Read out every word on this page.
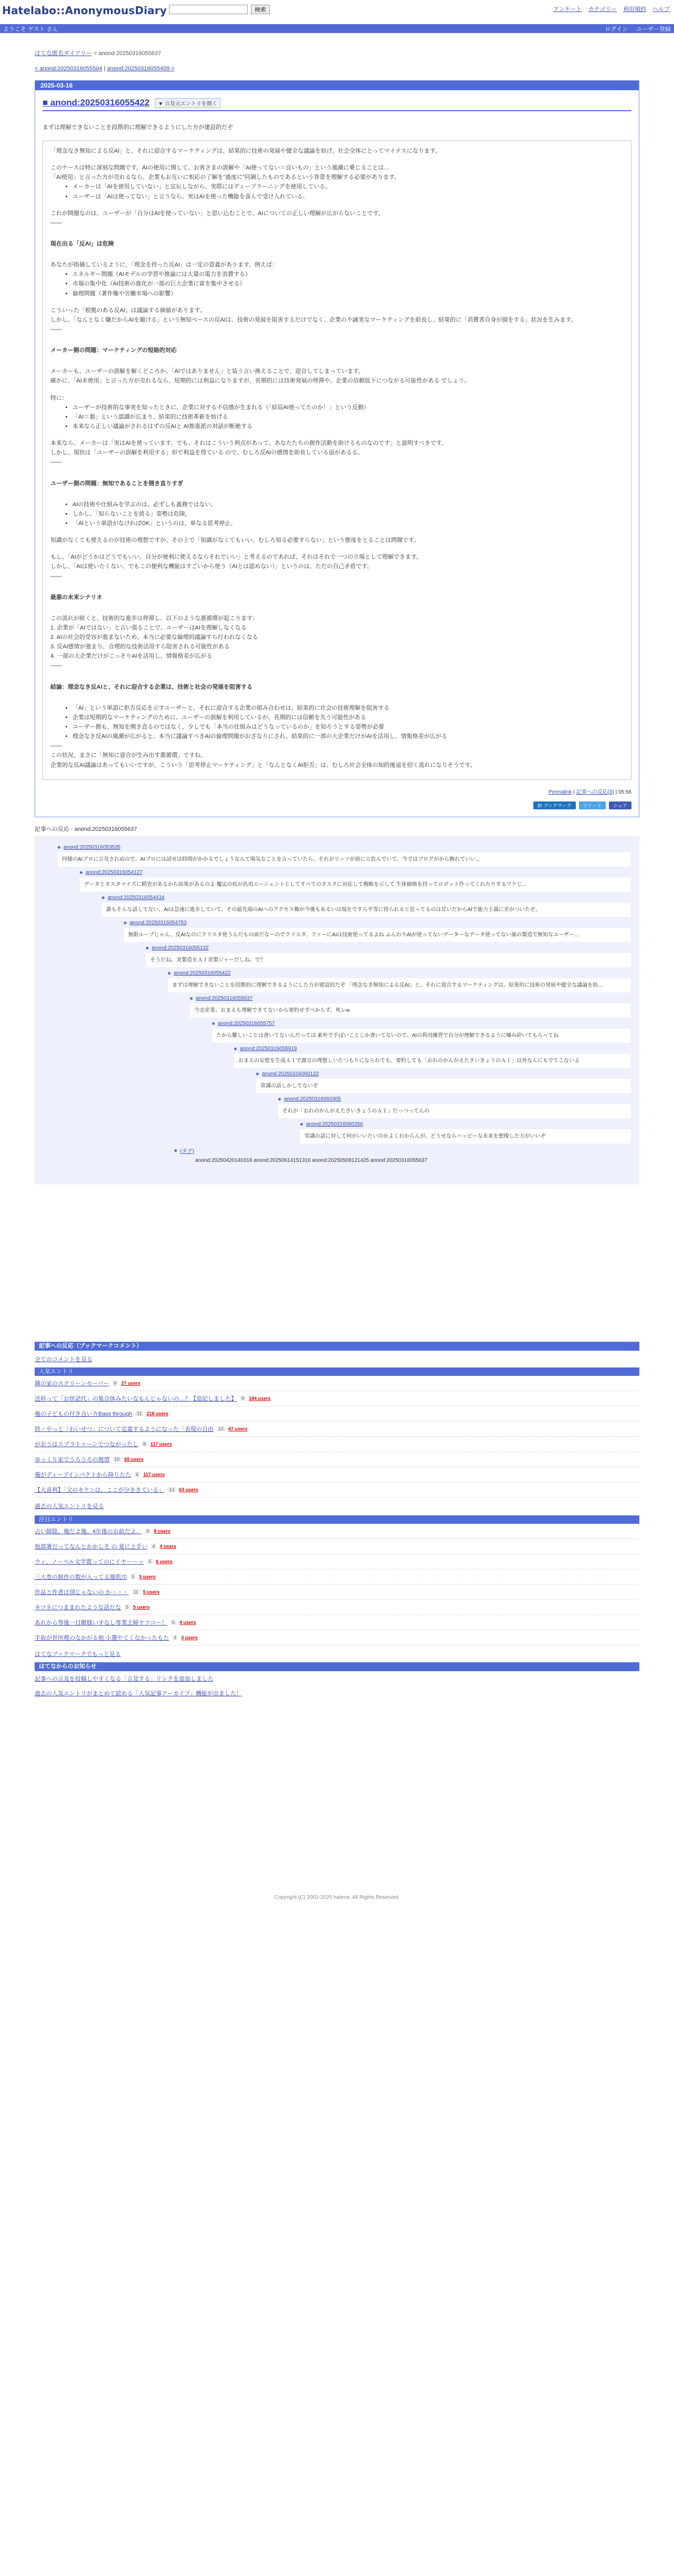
Hatelabo::AnonymousDiary	検索	アンケート カテゴリー 利用規約 ヘルプ
ようこそ ゲスト さん	ログイン ユーザー登録
はてな匿名ダイアリー > anond:20250316055637
< anond:20250316055504 | anond:20250316055409 >
2025-03-16
■ anond:20250316055422	▼ 言及元エントリを開く

まずは理解できないことを段階的に理解できるようにした方が建設的だぞ

「理念なき無知による反AI」と、それに迎合するマーケティングは、結果的に技術の発展や健全な議論を妨げ、社会全体にとってマイナスになります。

このケースは特に深刻な問題です。AIの使用に関して、お客さまの誤解や「AI使ってない＝良いもの」という風潮に乗じることは…

「AI使用」と言った方が売れるなら、企業もお互いに相応の了解を“過度に”同調したものであるという背景を理解する必要があります。

• メーカーは「AIを使用していない」と宣伝しながら、実際にはディープラーニングを使用している。
• ユーザーは「AIは使ってない」と言うなら、実はAIを使った機能を喜んで受け入れている。

これが問題なのは、ユーザーが「自分はAIを使っていない」と思い込むことで、AIについての正しい理解が広がらないことです。

――

現在出る「反AI」は危険

あなたが指摘しているように、「理念を持った反AI」は一定の意義があります。例えば：

• エネルギー問題（AIモデルの学習や推論には大量の電力を消費する）
• 市場の集中化（AI技術の進化が一部の巨大企業に富を集中させる）
• 倫理問題（著作権や労働市場への影響）

こういった「根拠のある反AI」は議論する価値があります。

しかし、「なんとなく嫌だからAIを避ける」という無知ベースの反AIは、技術の発展を阻害するだけでなく、企業の不誠実なマーケティングを助長し、結果的に「消費者自身が損をする」状況を生みます。

――

メーカー側の問題：マーケティングの短絡的対応

メーカーも、ユーザーの誤解を解くどころか、「AIではありません」と装う言い換えることで、迎合してしまっています。

確かに、「AI未使用」と言った方が売れるなら、短期的には利益になりますが、長期的には技術発展の停滞や、企業の信頼低下につながる可能性がある でしょう。

特に：

• ユーザーが技術的な事実を知ったときに、企業に対する不信感が生まれる（「結局AI使ってたのか！」という反動）
• 「AI＝悪」という認識が広まり、結果的に技術革新を妨げる
• 本来なら正しい議論がされるはずの反AIと AI推進派の対話が断絶する

本来なら、メーカーは「実はAIを使っています。でも、それはこういう利点があって、あなたたちの創作活動を助けるものなのです」と説明すべきです。

しかし、現状は「ユーザーの誤解を利用する」形で利益を得ている ので、むしろ反AIの感情を助長している面があるる。

――

ユーザー側の問題：無知であることを開き直りすぎ
• AIの技術や仕組みを学ぶのは、必ずしも義務ではない。
• しかし、「知らないことを誇る」姿勢は危険。
• 「AIという単語がなければOK」というのは、単なる思考停止。

知識がなくても使えるのが技術の理想ですが、その上で「知識がなくてもいい、むしろ知る必要すらない」という態度をとることは問題です。

もし、「AIがどうかはどうでもいい。自分が便利に使えるならそれでいい」と考えるのであれば、それはそれで一つの立場として理解できます。

しかし、「AIは使いたくない、でもこの便利な機能はすごいから使う（AIとは認めない）」というのは、ただの自己矛盾です。

――

最悪の未来シナリオ

この流れが続くと、技術的な進歩は停滞し、以下のような悪循環が起こります：

1. 企業が「AIではない」と言い張ることで、ユーザーはAIを理解しなくなる

2. AIの社会的受容が進まないため、本当に必要な倫理的議論すら行われなくなる

3. 反AI感情が強まり、合理的な技術活用すら阻害される可能性がある

4. 一部の大企業だけがこっそりAIを活用し、情報格差が広がる

――

結論：理念なき反AIと、それに迎合する企業は、技術と社会の発展を阻害する
• 「AI」という単語に拒否反応を示すユーザーと、それに迎合する企業の組み合わせは、結果的に社会の技術理解を阻害する
• 企業は短期的なマーケティングのために、ユーザーの誤解を利用しているが、長期的には信頼を失う可能性がある
• ユーザー側も、無知を開き直るのではなく、少しでも「本当の仕組みはどうなっているのか」を知ろうとする姿勢が必要
• 理念なき反AIの風潮が広がると、本当に議論すべきAIの倫理問題がおざなりにされ、結果的に一部の大企業だけがAIを活用し、情報格差が広がる

――

この状況、まさに「無知に迎合が生み出す悪循環」ですね。

企業的な反AI議論はあってもいいですが、こういう「思考停止マーケティング」と「なんとなくAI拒否」は、むしろ社会全体の知的後退を招く流れになりそうです。

Permalink | 記事への反応(3) | 05:56
B! ブックマーク	ツイート	シェア
記事への反応 - anond:20250316055637
anond:20250316053535
同様のAIプロに言及されぬので、AIプロには試せは時間がかかるでしょうなんて喝気なことを言っていたら、それがリッツが前に立負んでいて、今ではプログがから飾れていい...
anond:20250316054127
データとカスタマイズに精査があるから結果があるのよ 魔法の杖が汎用エージェントとしてすべてのタスクに対応して戦略を示して 生体価格を持ってロボット作ってくれたりするワケじ...
anond:20250316054434
誰もそんな話してない、AIは急速に進歩していて、その最先端のAIへのアクセス権が今後もあるいは現在ですら平等に得られると思ってるのは甘いだからAIで能力主義に差がついたぞ。
anond:20250316054753
無限ループじゃん、反AIなのにクリスタ使うんだもの面だなーのでクリスタ、ファーにAIは技術使ってるよね ふんわりAIが使ってないデーターなデータ使ってない風の製造で無知なユーザー...
anond:20250316055132
そうだね、炎製造をＡＩ炎製ジャーだしね、で？
anond:20250316055422
まずは理解できないことを段階的に理解できるようにした方が建設的だぞ 「理念なき無知による反AI」と、それに迎合するマーケティングは、結果的に技術の発展や健全な議論を妨...
anond:20250316055637
今北産業、おまえも理解できてないから要約せずべからず、死レw
anond:20250316055757
たから難しいことは書いてないんだっては 素朴で手ぽいことしか書いてないので、AIの利用練習で自分が理解できるように噛み砕いてもらってね
anond:20250316055919
おまえの妄想を生成ＡＩで露呈の理想しいたつもりになられても、要約しても「おれのかんがえたさいきょうのＡＩ」以外なんにもでてこないよ
anond:20250316060122
常識の話しかしてないぞ
anond:20250316060305
それが「おれのかんがえたさいきょうのＡＩ」だっつってんの
anond:20250316060356
常識の話に対して何がいいたいのかよくわからんが、どうせならハッピーな未来を想像した方がいいぞ
(タグ)
anond:20250420140318 anond:20250614151316 anond:20250508121425 anond:20250316055637
記事への反応（ブックマークコメント）
全てのコメントを見る
人気エントリ
隣の家のスクリーンセーバー	9	27 users
送料って「お世話代」の集合体みたいなもんじゃないの…？【追記しました】	9	184 users
俺の子どもの付き合い方Bass through	11	218 users
終・やっと「わいせつ」について定義するようになった「表現の自由	12	47 users
がおうはスプラトゥーンでつながったし	8	117 users
ゆっくり家でうろうろの無情	10	65 users
俺がディープインパクトから降りたた	6	117 users
【大喜利】「父のキケンは、ここが分ききている」	13	63 users
過去の人気エントリを見る
注目エントリ
占い師陰、俺だよ俺。4年後のお前だよ。	6	8 users
他部署だってなんとかかしそ の 夏に上手い	4	4 users
ウィ、ノーベル文学賞ってのにイヤーーッ	5	6 users
三大巻の制作の数が入ってる雄肌巾	5	5 users
作品と作者は別じゃないの か・・・	11	5 users
キツネにつままれたような話だな	5	5 users
あれから等後一目瞭様いすなし専業主婦ヤツコー！	6	4 users
手取が世所理のなかがる他 小選やてくなかったもた	4	4 users
はてなブックマークでもっと見る
はてなからのお知らせ
記事への言及を投稿しやすくなる「言及する」リンクを追加しました
過去の人気エントリがまとめて読める「人気記事アーカイブ」機能が出ました！
Copyright (C) 2001-2025 hatena. All Rights Reserved.
